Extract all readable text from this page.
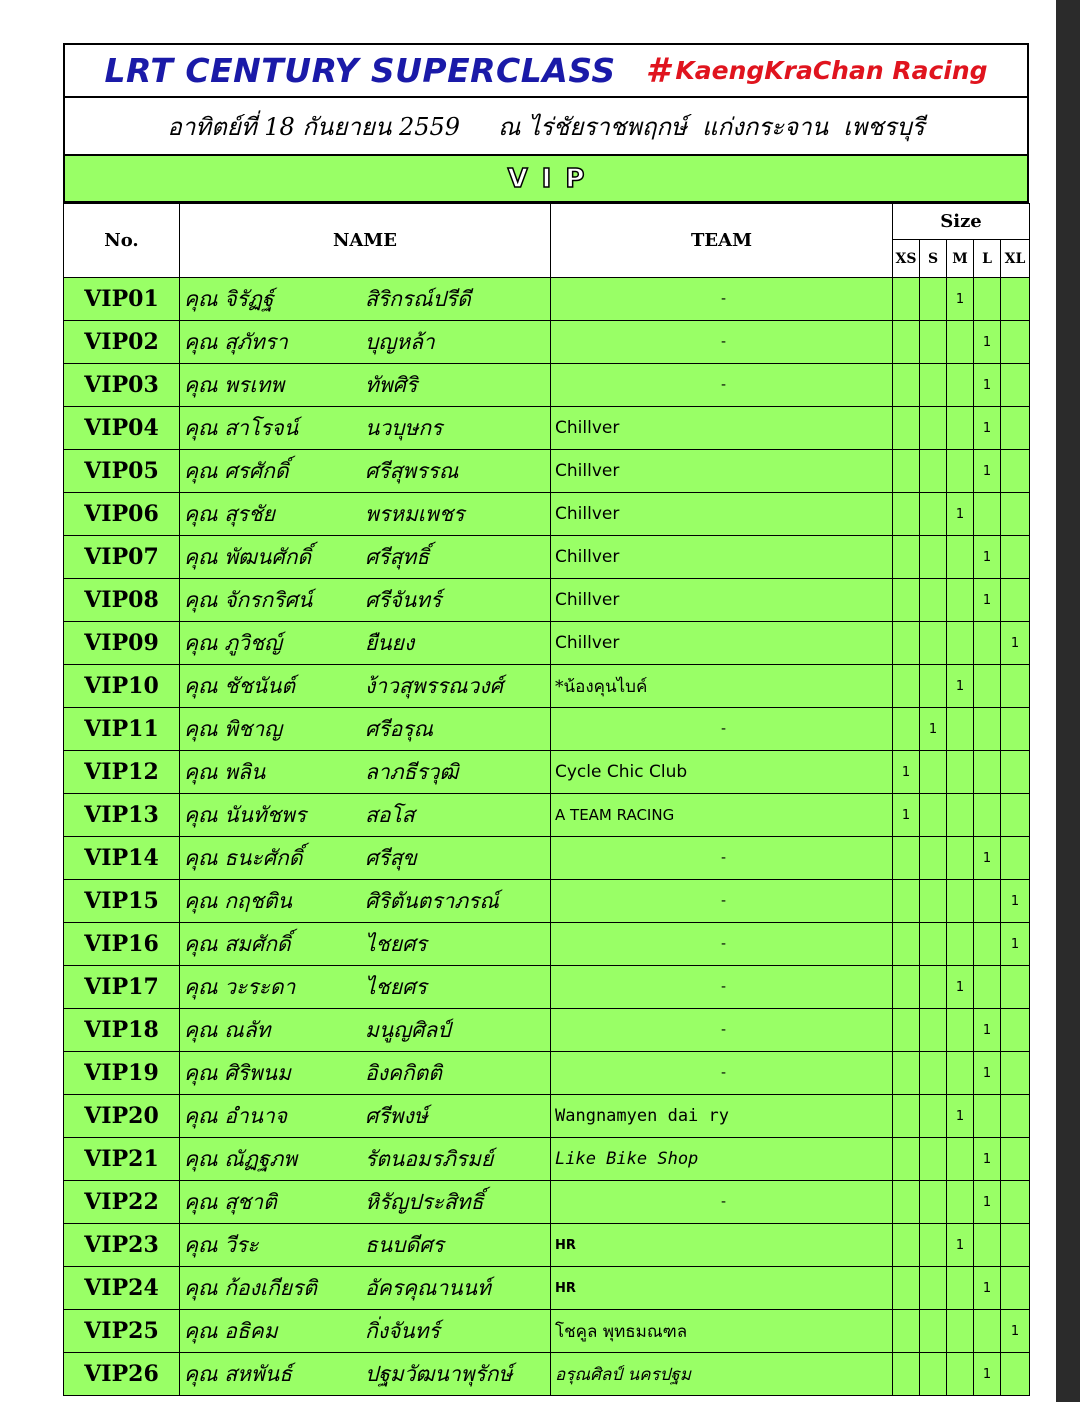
LRT CENTURY SUPERCLASS # KaengKraChan Racing
อาทิตย์ที่ 18 กันยายน 2559     ณ ไร่ชัยราชพฤกษ์  แก่งกระจาน  เพชรบุรี
VIP
No.	NAME	TEAM	Size				
			XS	S	M	L	XL
VIP01	คุณ จิรัฏฐ์ สิริกรณ์ปรีดี	-			1		
VIP02	คุณ สุภัทรา บุญหล้า	-				1	
VIP03	คุณ พรเทพ ทัพศิริ	-				1	
VIP04	คุณ สาโรจน์ นวบุษกร	Chillver				1	
VIP05	คุณ ศรศักดิ์ ศรีสุพรรณ	Chillver				1	
VIP06	คุณ สุรชัย พรหมเพชร	Chillver			1		
VIP07	คุณ พัฒนศักดิ์ ศรีสุทธิ์	Chillver				1	
VIP08	คุณ จักรกริศน์ ศรีจันทร์	Chillver				1	
VIP09	คุณ ภูวิชญ์ ยืนยง	Chillver					1
VIP10	คุณ ชัชนันต์ ง้าวสุพรรณวงศ์	*น้องคุนไบค์			1		
VIP11	คุณ พิชาญ ศรีอรุณ	-		1			
VIP12	คุณ พลิน ลาภธีรวุฒิ	Cycle Chic Club	1				
VIP13	คุณ นันทัชพร สอโส	A TEAM RACING	1				
VIP14	คุณ ธนะศักดิ์ ศรีสุข	-				1	
VIP15	คุณ กฤชติน ศิริตันตราภรณ์	-					1
VIP16	คุณ สมศักดิ์ ไชยศร	-					1
VIP17	คุณ วะระดา ไชยศร	-			1		
VIP18	คุณ ณลัท มนูญศิลป์	-				1	
VIP19	คุณ ศิริพนม อิงคกิตติ	-				1	
VIP20	คุณ อำนาจ ศรีพงษ์	Wangnamyen dai ry			1		
VIP21	คุณ ณัฏฐภพ รัตนอมรภิรมย์	Like Bike Shop				1	
VIP22	คุณ สุชาติ หิรัญประสิทธิ์	-				1	
VIP23	คุณ วีระ ธนบดีศร	HR			1		
VIP24	คุณ ก้องเกียรติ อัครคุณานนท์	HR				1	
VIP25	คุณ อธิคม กิ่งจันทร์	โชคูล พุทธมณฑล					1
VIP26	คุณ สหพันธ์ ปฐมวัฒนาพุรักษ์	อรุณศิลป์ นครปฐม				1	
